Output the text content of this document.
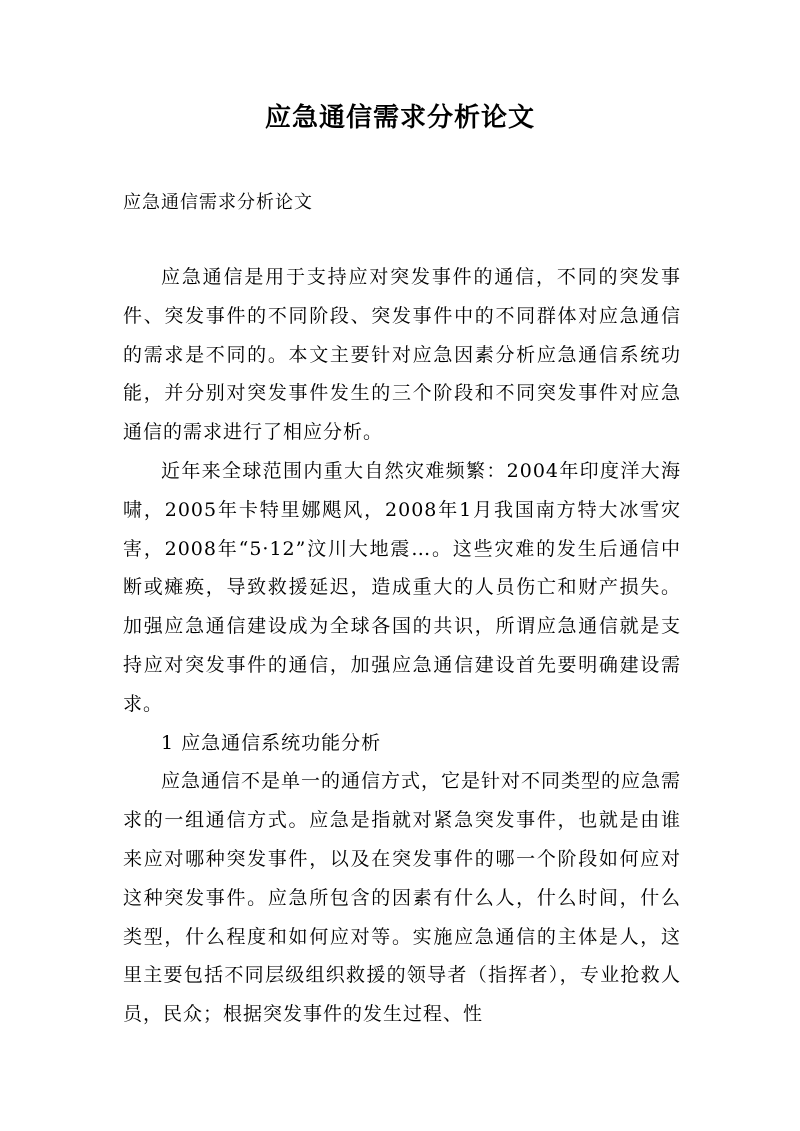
应急通信需求分析论文
应急通信需求分析论文

应急通信是用于支持应对突发事件的通信，不同的突发事件、突发事件的不同阶段、突发事件中的不同群体对应急通信的需求是不同的。本文主要针对应急因素分析应急通信系统功能，并分别对突发事件发生的三个阶段和不同突发事件对应急通信的需求进行了相应分析。

近年来全球范围内重大自然灾难频繁：2004年印度洋大海啸，2005年卡特里娜飓风，2008年1月我国南方特大冰雪灾害，2008年“5·12”汶川大地震…。这些灾难的发生后通信中断或瘫痪，导致救援延迟，造成重大的人员伤亡和财产损失。加强应急通信建设成为全球各国的共识，所谓应急通信就是支持应对突发事件的通信，加强应急通信建设首先要明确建设需求。

1 应急通信系统功能分析

应急通信不是单一的通信方式，它是针对不同类型的应急需求的一组通信方式。应急是指就对紧急突发事件，也就是由谁来应对哪种突发事件，以及在突发事件的哪一个阶段如何应对这种突发事件。应急所包含的因素有什么人，什么时间，什么类型，什么程度和如何应对等。实施应急通信的主体是人，这里主要包括不同层级组织救援的领导者（指挥者），专业抢救人员，民众；根据突发事件的发生过程、性
